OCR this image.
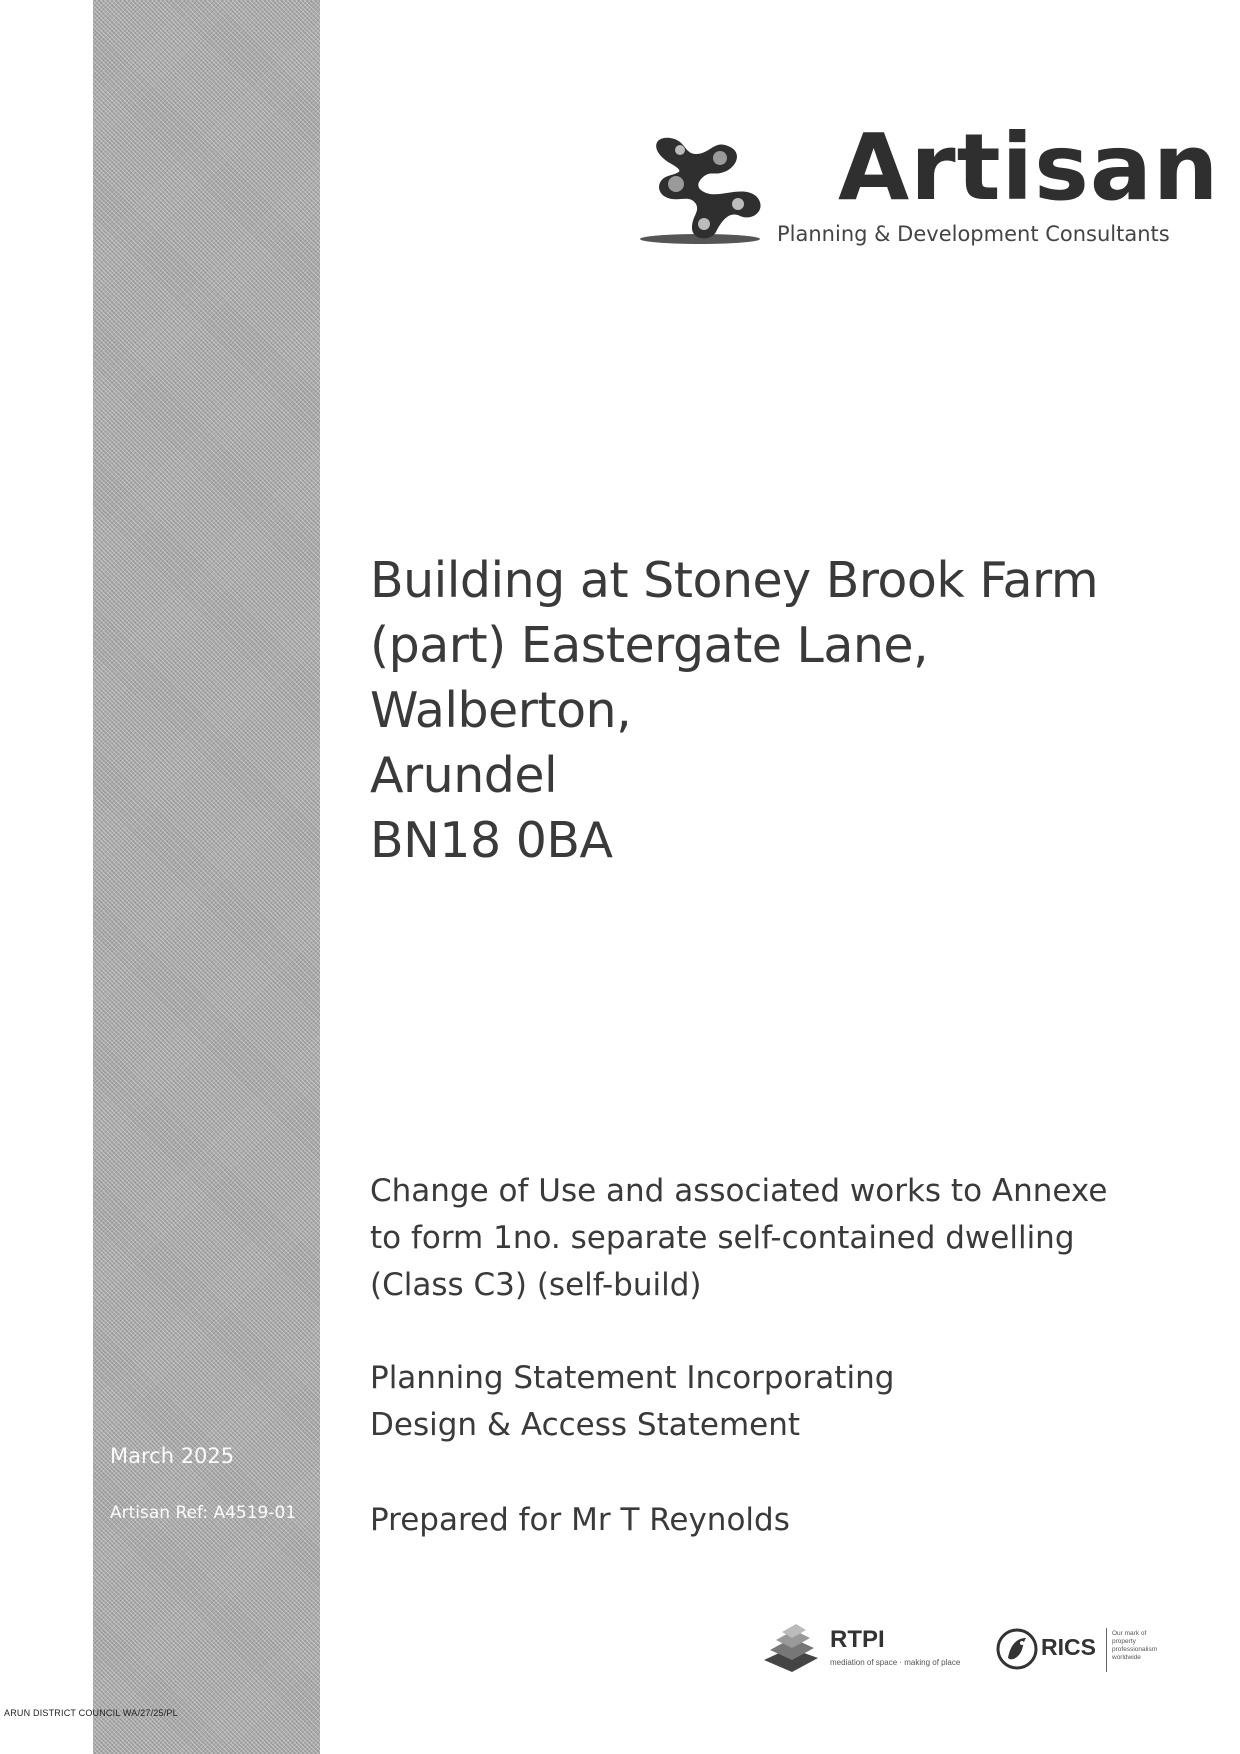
March 2025
Artisan Ref: A4519-01
ARUN DISTRICT COUNCIL WA/27/25/PL
Artisan
Planning & Development Consultants
Building at Stoney Brook Farm
(part) Eastergate Lane,
Walberton,
Arundel
BN18 0BA
Change of Use and associated works to Annexe
to form 1no. separate self-contained dwelling
(Class C3) (self-build)
Planning Statement Incorporating
Design & Access Statement
Prepared for Mr T Reynolds
RTPI
mediation of space · making of place
RICS
Our mark of property professionalism worldwide
